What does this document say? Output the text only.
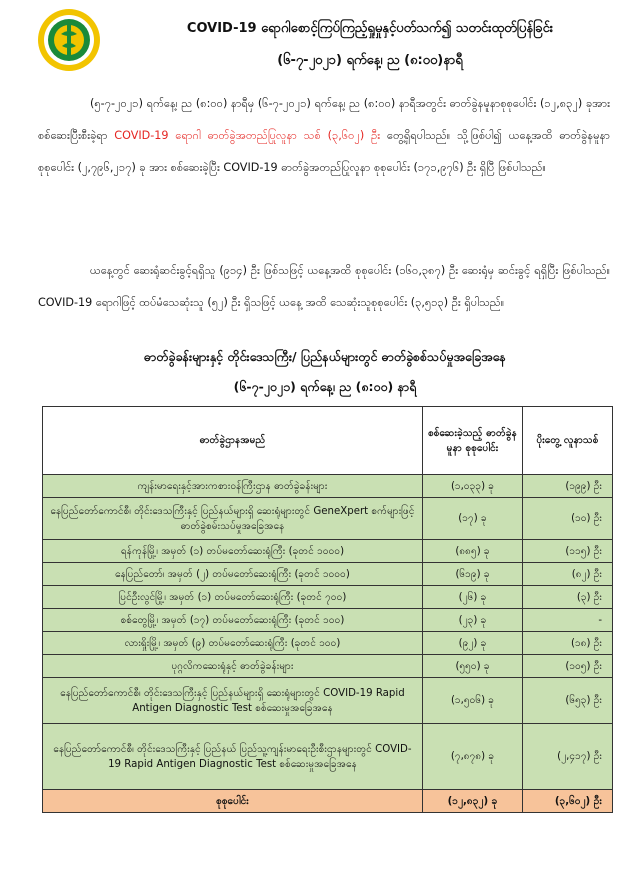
COVID-19 ရောဂါစောင့်ကြပ်ကြည့်ရှုမှုနှင့်ပတ်သက်၍ သတင်းထုတ်ပြန်ခြင်း
(၆-၇-၂၀၂၁) ရက်နေ့၊ ည (၈:၀၀)နာရီ
(၅-၇-၂၀၂၁) ရက်နေ့၊ ည (၈:၀၀) နာရီမှ (၆-၇-၂၀၂၁) ရက်နေ့၊ ည (၈:၀၀) နာရီအတွင်း ဓာတ်ခွဲနမူနာစုစုပေါင်း (၁၂,၈၃၂) ခုအား စစ်ဆေးပြီးစီးခဲ့ရာ COVID-19 ရောဂါ ဓာတ်ခွဲအတည်ပြုလူနာ သစ် (၃,၆၀၂) ဦး တွေ့ရှိရပါသည်။ သို့ဖြစ်ပါ၍ ယနေ့အထိ ဓာတ်ခွဲနမူနာ စုစုပေါင်း (၂,၇၉၆,၂၁၇) ခု အား စစ်ဆေးခဲ့ပြီး COVID-19 ဓာတ်ခွဲအတည်ပြုလူနာ စုစုပေါင်း (၁၇၁,၉၇၆) ဦး ရှိပြီ ဖြစ်ပါသည်။
ယနေ့တွင် ဆေးရုံဆင်းခွင့်ရရှိသူ (၉၁၄) ဦး ဖြစ်သဖြင့် ယနေ့အထိ စုစုပေါင်း (၁၆၀,၃၈၇) ဦး ဆေးရုံမှ ဆင်းခွင့် ရရှိပြီး ဖြစ်ပါသည်။ COVID-19 ရောဂါဖြင့် ထပ်မံသေဆုံးသူ (၅၂) ဦး ရှိသဖြင့် ယနေ့ အထိ သေဆုံးသူစုစုပေါင်း (၃,၅၁၃) ဦး ရှိပါသည်။
ဓာတ်ခွဲခန်းများနှင့် တိုင်းဒေသကြီး/ ပြည်နယ်များတွင် ဓာတ်ခွဲစစ်သပ်မှုအခြေအနေ
(၆-၇-၂၀၂၁) ရက်နေ့၊ ည (၈:၀၀) နာရီ
ဓာတ်ခွဲဌာနအမည်	စစ်ဆေးခဲ့သည့် ဓာတ်ခွဲနမူနာ စုစုပေါင်း	ပိုးတွေ့ လူနာသစ်
ကျန်းမာရေးနှင့်အားကစားဝန်ကြီးဌာန ဓာတ်ခွဲခန်းများ	(၁,၀၃၃) ခု	(၁၉၉) ဦး
နေပြည်တော်ကောင်စီ၊ တိုင်းဒေသကြီးနှင့် ပြည်နယ်များရှိ ဆေးရုံများတွင် GeneXpert စက်များဖြင့် ဓာတ်ခွဲစမ်းသပ်မှုအခြေအနေ	(၁၇) ခု	(၁၀) ဦး
ရန်ကုန်မြို့၊ အမှတ် (၁) တပ်မတော်ဆေးရုံကြီး (ခုတင် ၁၀၀၀)	(၈၈၅) ခု	(၁၁၅) ဦး
နေပြည်တော်၊ အမှတ် (၂) တပ်မတော်ဆေးရုံကြီး (ခုတင် ၁၀၀၀)	(၆၁၉) ခု	(၈၂) ဦး
ပြင်ဦးလွင်မြို့၊ အမှတ် (၁) တပ်မတော်ဆေးရုံကြီး (ခုတင် ၇၀၀)	(၂၆) ခု	(၃) ဦး
စစ်တွေမြို့၊ အမှတ် (၁၇) တပ်မတော်ဆေးရုံကြီး (ခုတင် ၁၀၀)	(၂၃) ခု	-
လားရှိုးမြို့၊ အမှတ် (၉) တပ်မတော်ဆေးရုံကြီး (ခုတင် ၁၀၀)	(၉၂) ခု	(၁၈) ဦး
ပုဂ္ဂလိကဆေးရုံနှင့် ဓာတ်ခွဲခန်းများ	(၅၅၀) ခု	(၁၀၅) ဦး
နေပြည်တော်ကောင်စီ၊ တိုင်းဒေသကြီးနှင့် ပြည်နယ်များရှိ ဆေးရုံများတွင် COVID-19 Rapid Antigen Diagnostic Test စစ်ဆေးမှုအခြေအနေ	(၁,၅၀၆) ခု	(၆၅၃) ဦး
နေပြည်တော်ကောင်စီ၊ တိုင်းဒေသကြီးနှင့် ပြည်နယ် ပြည်သူ့ကျန်းမာရေးဦးစီးဌာနများတွင် COVID-19 Rapid Antigen Diagnostic Test စစ်ဆေးမှုအခြေအနေ	(၇,၈၇၈) ခု	(၂,၄၁၇) ဦး
စုစုပေါင်း	(၁၂,၈၃၂) ခု	(၃,၆၀၂) ဦး
